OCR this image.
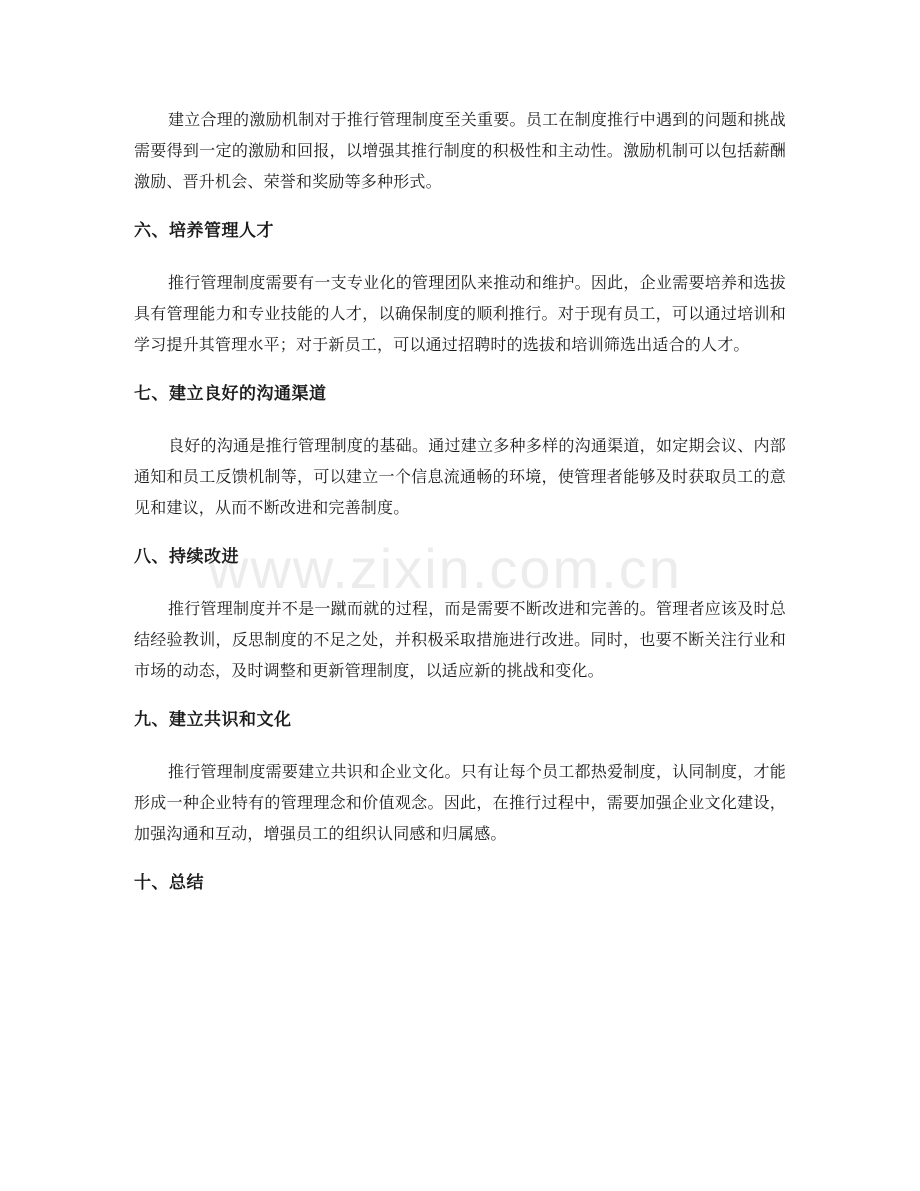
建立合理的激励机制对于推行管理制度至关重要。员工在制度推行中遇到的问题和挑战需要得到一定的激励和回报，以增强其推行制度的积极性和主动性。激励机制可以包括薪酬激励、晋升机会、荣誉和奖励等多种形式。

六、培养管理人才

推行管理制度需要有一支专业化的管理团队来推动和维护。因此，企业需要培养和选拔具有管理能力和专业技能的人才，以确保制度的顺利推行。对于现有员工，可以通过培训和学习提升其管理水平；对于新员工，可以通过招聘时的选拔和培训筛选出适合的人才。

七、建立良好的沟通渠道

良好的沟通是推行管理制度的基础。通过建立多种多样的沟通渠道，如定期会议、内部通知和员工反馈机制等，可以建立一个信息流通畅的环境，使管理者能够及时获取员工的意见和建议，从而不断改进和完善制度。

八、持续改进

推行管理制度并不是一蹴而就的过程，而是需要不断改进和完善的。管理者应该及时总结经验教训，反思制度的不足之处，并积极采取措施进行改进。同时，也要不断关注行业和市场的动态，及时调整和更新管理制度，以适应新的挑战和变化。

九、建立共识和文化

推行管理制度需要建立共识和企业文化。只有让每个员工都热爱制度，认同制度，才能形成一种企业特有的管理理念和价值观念。因此，在推行过程中，需要加强企业文化建设，加强沟通和互动，增强员工的组织认同感和归属感。

十、总结
www.zixin.com.cn
